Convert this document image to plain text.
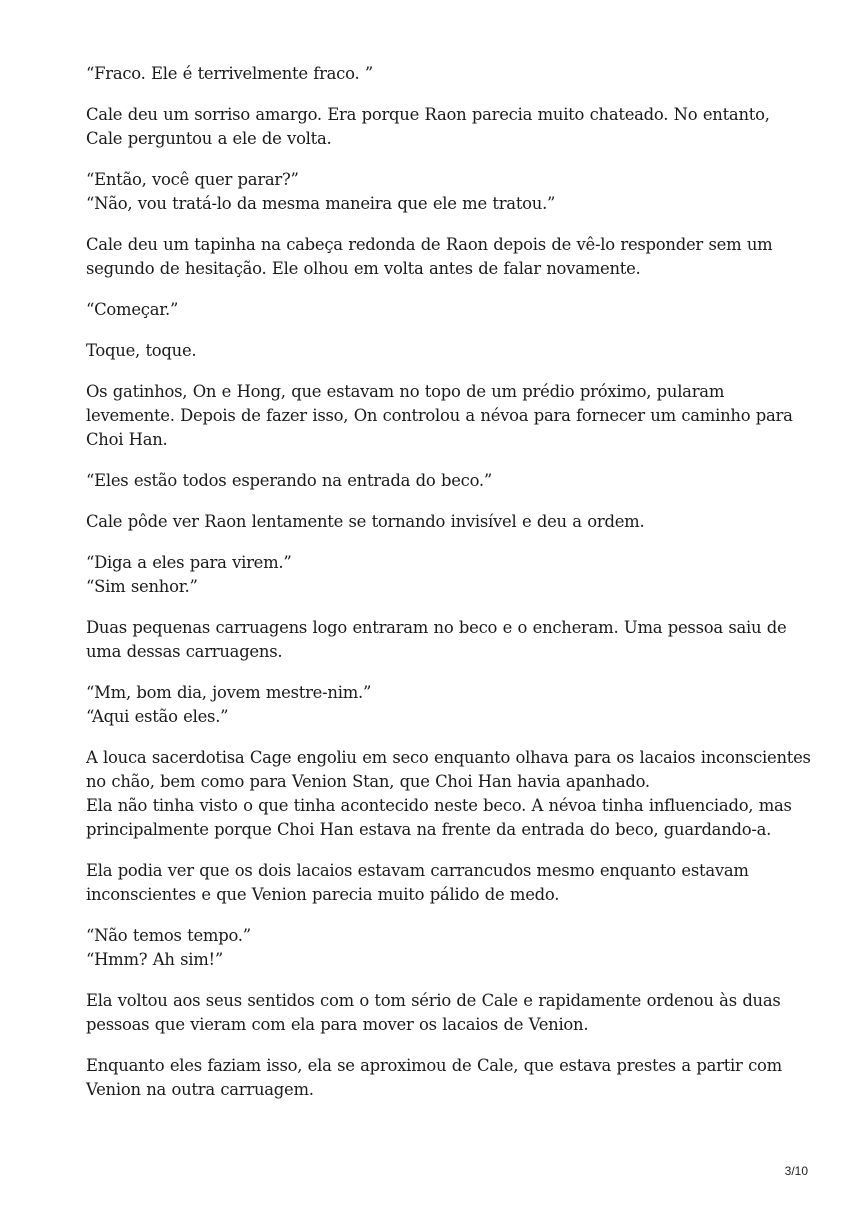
“Fraco. Ele é terrivelmente fraco. ”

Cale deu um sorriso amargo. Era porque Raon parecia muito chateado. No entanto,
Cale perguntou a ele de volta.

“Então, você quer parar?”
“Não, vou tratá-lo da mesma maneira que ele me tratou.”

Cale deu um tapinha na cabeça redonda de Raon depois de vê-lo responder sem um
segundo de hesitação. Ele olhou em volta antes de falar novamente.

“Começar.”

Toque, toque.

Os gatinhos, On e Hong, que estavam no topo de um prédio próximo, pularam
levemente. Depois de fazer isso, On controlou a névoa para fornecer um caminho para
Choi Han.

“Eles estão todos esperando na entrada do beco.”

Cale pôde ver Raon lentamente se tornando invisível e deu a ordem.

“Diga a eles para virem.”
“Sim senhor.”

Duas pequenas carruagens logo entraram no beco e o encheram. Uma pessoa saiu de
uma dessas carruagens.

“Mm, bom dia, jovem mestre-nim.”
“Aqui estão eles.”

A louca sacerdotisa Cage engoliu em seco enquanto olhava para os lacaios inconscientes
no chão, bem como para Venion Stan, que Choi Han havia apanhado.
Ela não tinha visto o que tinha acontecido neste beco. A névoa tinha influenciado, mas
principalmente porque Choi Han estava na frente da entrada do beco, guardando-a.

Ela podia ver que os dois lacaios estavam carrancudos mesmo enquanto estavam
inconscientes e que Venion parecia muito pálido de medo.

“Não temos tempo.”
“Hmm? Ah sim!”

Ela voltou aos seus sentidos com o tom sério de Cale e rapidamente ordenou às duas
pessoas que vieram com ela para mover os lacaios de Venion.

Enquanto eles faziam isso, ela se aproximou de Cale, que estava prestes a partir com
Venion na outra carruagem.

3/10
